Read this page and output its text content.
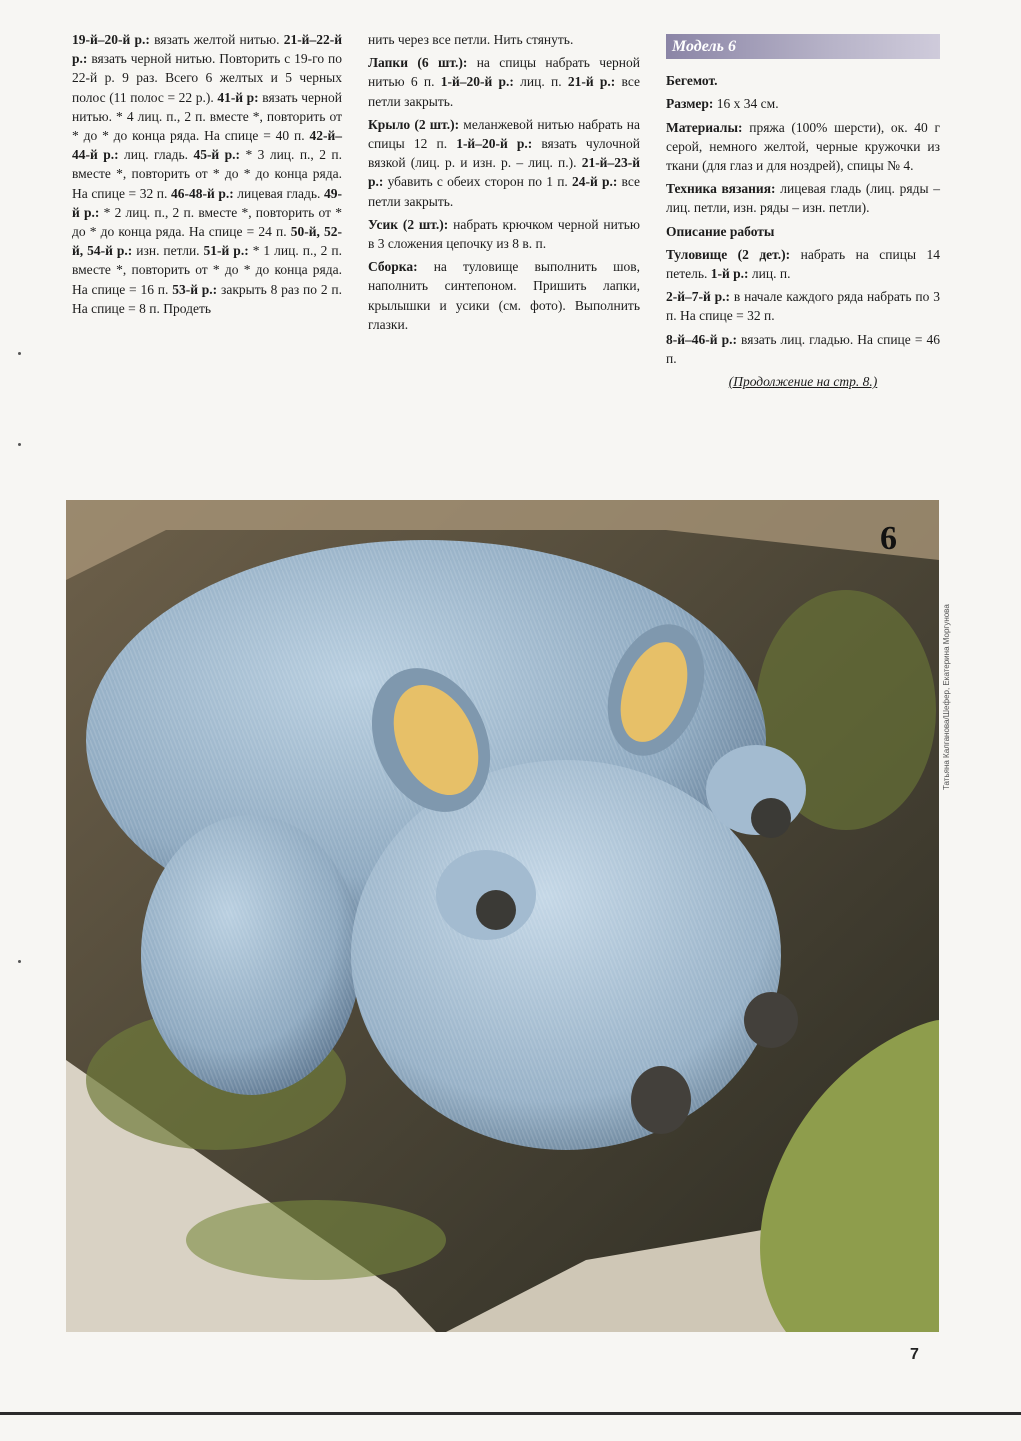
19-й–20-й р.: вязать желтой нитью. 21-й–22-й р.: вязать черной нитью. Повторить с 19-го по 22-й р. 9 раз. Всего 6 желтых и 5 черных полос (11 полос = 22 р.). 41-й р: вязать черной нитью. * 4 лиц. п., 2 п. вместе *, повторить от * до * до конца ряда. На спице = 40 п. 42-й–44-й р.: лиц. гладь. 45-й р.: * 3 лиц. п., 2 п. вместе *, повторить от * до * до конца ряда. На спице = 32 п. 46-48-й р.: лицевая гладь. 49-й р.: * 2 лиц. п., 2 п. вместе *, повторить от * до * до конца ряда. На спице = 24 п. 50-й, 52-й, 54-й р.: изн. петли. 51-й р.: * 1 лиц. п., 2 п. вместе *, повторить от * до * до конца ряда. На спице = 16 п. 53-й р.: закрыть 8 раз по 2 п. На спице = 8 п. Продеть

нить через все петли. Нить стянуть.

Лапки (6 шт.): на спицы набрать черной нитью 6 п. 1-й–20-й р.: лиц. п. 21-й р.: все петли закрыть.

Крыло (2 шт.): меланжевой нитью набрать на спицы 12 п. 1-й–20-й р.: вязать чулочной вязкой (лиц. р. и изн. р. – лиц. п.). 21-й–23-й р.: убавить с обеих сторон по 1 п. 24-й р.: все петли закрыть.

Усик (2 шт.): набрать крючком черной нитью в 3 сложения цепочку из 8 в. п.

Сборка: на туловище выполнить шов, наполнить синтепоном. Пришить лапки, крылышки и усики (см. фото). Выполнить глазки.

Модель 6

Бегемот.

Размер: 16 х 34 см.

Материалы: пряжа (100% шерсти), ок. 40 г серой, немного желтой, черные кружочки из ткани (для глаз и для ноздрей), спицы № 4.

Техника вязания: лицевая гладь (лиц. ряды – лиц. петли, изн. ряды – изн. петли).

Описание работы

Туловище (2 дет.): набрать на спицы 14 петель. 1-й р.: лиц. п.

2-й–7-й р.: в начале каждого ряда набрать по 3 п. На спице = 32 п.

8-й–46-й р.: вязать лиц. гладью. На спице = 46 п.

(Продолжение на стр. 8.)

6
Татьяна Калганова/Шефер, Екатерина Моргунова
7
